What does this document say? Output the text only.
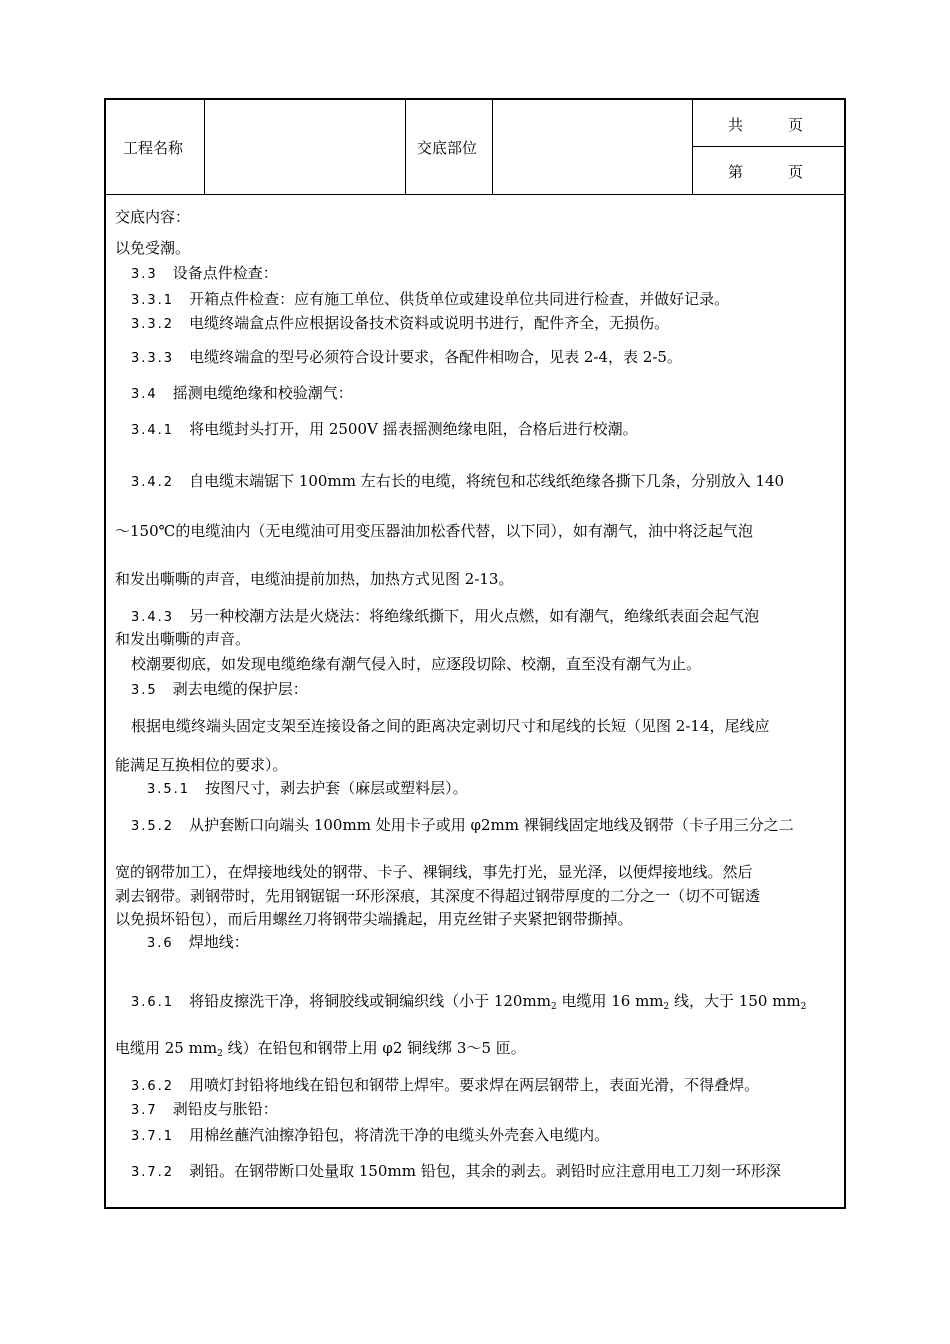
工程名称	交底部位
共　　　页
第　　　页
交底内容：
以免受潮。
3.3　设备点件检查：
3.3.1　开箱点件检查：应有施工单位、供货单位或建设单位共同进行检查，并做好记录。
3.3.2　电缆终端盒点件应根据设备技术资料或说明书进行，配件齐全，无损伤。
3.3.3　电缆终端盒的型号必须符合设计要求，各配件相吻合，见表 2-4，表 2-5。
3.4　摇测电缆绝缘和校验潮气：
3.4.1　将电缆封头打开，用 2500V 摇表摇测绝缘电阻，合格后进行校潮。
3.4.2　自电缆末端锯下 100mm 左右长的电缆，将统包和芯线纸绝缘各撕下几条，分别放入 140
～150℃的电缆油内（无电缆油可用变压器油加松香代替，以下同），如有潮气，油中将泛起气泡
和发出嘶嘶的声音，电缆油提前加热，加热方式见图 2-13。
3.4.3　另一种校潮方法是火烧法：将绝缘纸撕下，用火点燃，如有潮气，绝缘纸表面会起气泡
和发出嘶嘶的声音。
校潮要彻底，如发现电缆绝缘有潮气侵入时，应逐段切除、校潮，直至没有潮气为止。
3.5　剥去电缆的保护层：
根据电缆终端头固定支架至连接设备之间的距离决定剥切尺寸和尾线的长短（见图 2-14，尾线应
能满足互换相位的要求）。
3.5.1　按图尺寸，剥去护套（麻层或塑料层）。
3.5.2　从护套断口向端头 100mm 处用卡子或用 φ2mm 裸铜线固定地线及钢带（卡子用三分之二
宽的钢带加工），在焊接地线处的钢带、卡子、裸铜线，事先打光，显光泽，以便焊接地线。然后
剥去钢带。剥钢带时，先用钢锯锯一环形深痕，其深度不得超过钢带厚度的二分之一（切不可锯透
以免损坏铅包），而后用螺丝刀将钢带尖端撬起，用克丝钳子夹紧把钢带撕掉。
3.6　焊地线：
3.6.1　将铅皮擦洗干净，将铜胶线或铜编织线（小于 $120mm_2$ 电缆用 16 $mm_2$ 线，大于 150 $mm_2$
电缆用 25 $mm_2$ 线）在铅包和钢带上用 φ2 铜线绑 3～5 匝。
3.6.2　用喷灯封铅将地线在铅包和钢带上焊牢。要求焊在两层钢带上，表面光滑，不得叠焊。
3.7　剥铅皮与胀铅：
3.7.1　用棉丝蘸汽油擦净铅包，将清洗干净的电缆头外壳套入电缆内。
3.7.2　剥铅。在钢带断口处量取 150mm 铅包，其余的剥去。剥铅时应注意用电工刀刻一环形深
